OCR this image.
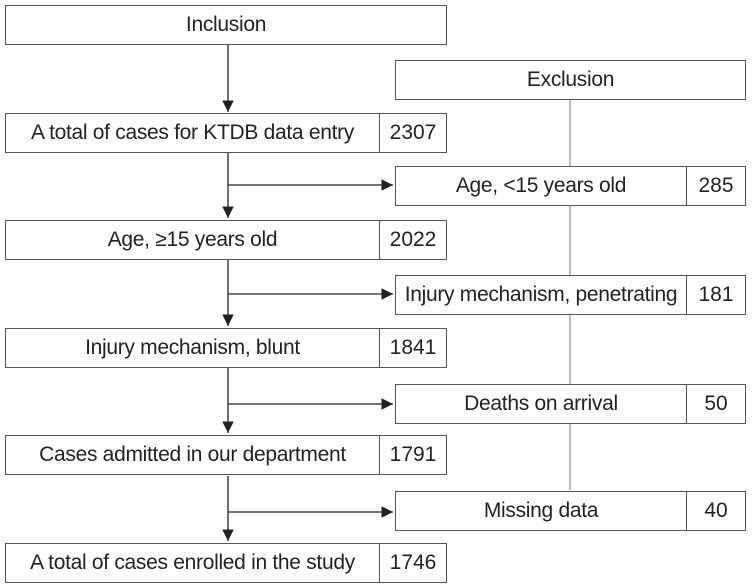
Inclusion
Exclusion
A total of cases for KTDB data entry	2307
Age, ≥15 years old	2022
Injury mechanism, blunt	1841
Cases admitted in our department	1791
A total of cases enrolled in the study	1746
Age, <15 years old	285
Injury mechanism, penetrating	181
Deaths on arrival	50
Missing data	40
